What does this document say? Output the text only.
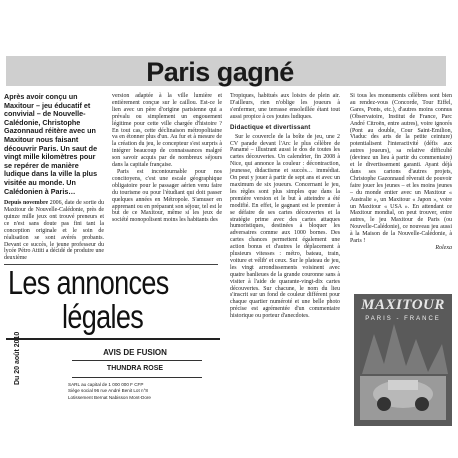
Paris gagné
Après avoir conçu un Maxitour – jeu éducatif et convivial – de Nouvelle-Calédonie, Christophe Gazonnaud réitère avec un Maxitour nous faisant découvrir Paris. Un saut de vingt mille kilomètres pour se repérer de manière ludique dans la ville la plus visitée au monde. Un Calédonien à Paris…

Depuis novembre 2006, date de sortie du Maxitour de Nouvelle-Calédonie, près de quinze mille jeux ont trouvé preneurs et ce n'est sans doute pas fini tant la conception originale et le soin de réalisation se sont avérés probants. Devant ce succès, le jeune professeur du lycée Pétro Attiti a décidé de produire une deuxième

version adaptée à la ville lumière et entièrement conçue sur le caillou. Est-ce le lien avec un père d'origine parisienne qui a prévalu ou simplement un engouement légitime pour cette ville chargée d'histoire ? En tout cas, cette déclinaison métropolitaine va en étonner plus d'un. Au fur et à mesure de la création du jeu, le concepteur s'est surpris à intégrer beaucoup de connaissances malgré son savoir acquis par de nombreux séjours dans la capitale française.

Paris est incontournable pour nos concitoyens, c'est une escale géographique obligatoire pour le passager aérien venu faire du tourisme ou pour l'étudiant qui doit passer quelques années en Métropole. S'amuser en apprenant ou en préparant son séjour, tel est le but de ce Maxitour, même si les jeux de société monopolisent moins les habitants des

Tropiques, habitués aux loisirs de plein air. D'ailleurs, rien n'oblige les joueurs à s'enfermer, une terrasse ensoleillée étant tout aussi propice à ces joutes ludiques.

Didactique et divertissant

Sur le couvercle de la boîte de jeu, une 2 CV parade devant l'Arc le plus célèbre de Panamé – illustrant aussi le dos de toutes les cartes découvertes. Un calendrier, fin 2008 à Nice, qui annonce la couleur : décontraction, jeunesse, didactisme et succès… immédiat. On peut y jouer à partir de sept ans et avec un maximum de six joueurs. Concernant le jeu, les règles sont plus simples que dans la première version et le but à atteindre a été modifié. En effet, le gagnant est le premier à se défaire de ses cartes découvertes et la stratégie prime avec des cartes attaques humoristiques, destinées à bloquer les adversaires comme aux 1000 bornes. Des cartes chances permettent également une action bonus et d'autres le déplacement à plusieurs vitesses : métro, bateau, train, voiture et vélib' et ceux. Sur le plateau de jeu, les vingt arrondissements voisinent avec quatre banlieues de la grande couronne sans à visiter à l'aide de quarante-vingt-dix cartes découvertes. Sur chacune, le nom du lieu s'inscrit sur un fond de couleur différent pour chaque quartier numéroté et une belle photo précise est agrémentée d'un commentaire historique ou porteur d'anecdotes.

Si tous les monuments célèbres sont bien au rendez-vous (Concorde, Tour Eiffel, Gares, Ponts, etc.), d'autres moins connus (Observatoire, Institut de France, Parc André Citroën, entre autres), voire ignorés (Pont au double, Cour Saint-Emilion, Viaduc des arts de la petite ceinture) potentialisent l'interactivité (défis aux autres joueurs), sa relative difficulté (devinez un lieu à partir du commentaire) et le divertissement garanti. Ayant déjà dans ses cartons d'autres projets, Christophe Gazonnaud rêverait de pouvoir faire jouer les jeunes – et les moins jeunes – du monde entier avec un Maxitour « Australie », un Maxitour « Japon », voire un Maxitour « USA ». En attendant ce Maxitour mondial, on peut trouver, entre autres, le jeu Maxitour de Paris (ou Nouvelle-Calédonie), ce nouveau jeu aussi à la Maison de la Nouvelle-Calédonie, à Paris !

Rolexa
Les annonces
légales
Du 20 août 2010	AVIS DE FUSION
THUNDRA ROSE
SARL au capital de 1 000 000 F CFP
Siège social 96 rue André Benit Lot n°8
Lotissement Bernat Nabisson Mont-Dore
MAXITOUR
PARIS - FRANCE
